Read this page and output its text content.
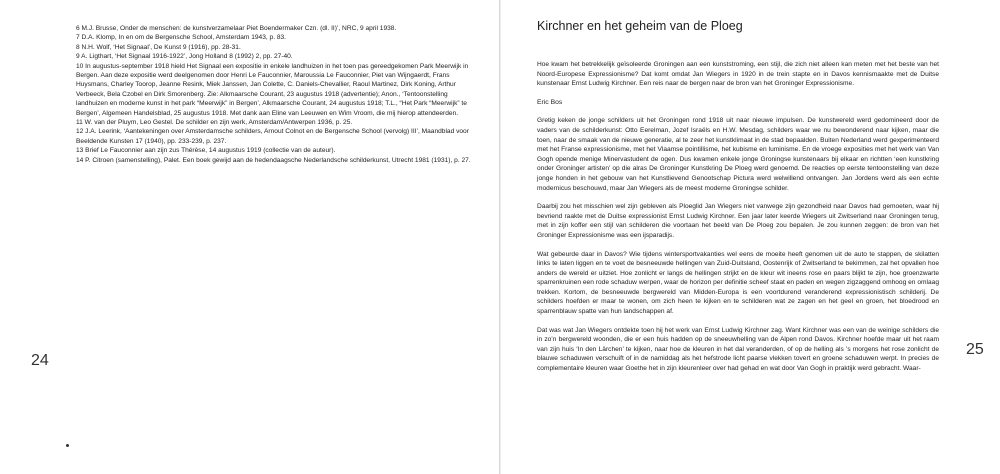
6 M.J. Brusse, Onder de menschen: de kunstverzamelaar Piet Boendermaker Czn. (dl. II)’, NRC, 9 april 1938.
7 D.A. Klomp, In en om de Bergensche School, Amsterdam 1943, p. 83.
8 N.H. Wolf, ‘Het Signaal’, De Kunst 9 (1916), pp. 28-31.
9 A. Ligthart, ‘Het Signaal 1916-1922’, Jong Holland 8 (1992) 2, pp. 27-40.
10 In augustus-september 1918 hield Het Signaal een expositie in enkele landhuizen in het toen pas gereedgekomen Park Meerwijk in Bergen. Aan deze expositie werd deelgenomen door Henri Le Fauconnier, Maroussia Le Fauconnier, Piet van Wijngaerdt, Frans Huysmans, Charley Toorop, Jeanne Resink, Miek Janssen, Jan Colette, C. Daniels-Chevallier, Raoul Martinez, Dirk Koning, Arthur Verbeeck, Bela Czobel en Dirk Smorenberg. Zie: Alkmaarsche Courant, 23 augustus 1918 (advertentie); Anon., ‘Tentoonstelling landhuizen en moderne kunst in het park “Meerwijk” in Bergen’, Alkmaarsche Courant, 24 augustus 1918; T.L., “Het Park “Meerwijk” te Bergen’, Algemeen Handelsblad, 25 augustus 1918. Met dank aan Eline van Leeuwen en Wim Vroom, die mij hierop attendeerden.
11 W. van der Pluym, Leo Gestel. De schilder en zijn werk, Amsterdam/Antwerpen 1936, p. 25.
12 J.A. Leerink, ‘Aantekeningen over Amsterdamsche schilders, Arnout Colnot en de Bergensche School (vervolg) III’, Maandblad voor Beeldende Kunsten 17 (1940), pp. 233-239, p. 237.
13 Brief Le Fauconnier aan zijn zus Thérèse, 14 augustus 1919 (collectie van de auteur).
14 P. Citroen (samenstelling), Palet. Een boek gewijd aan de hedendaagsche Nederlandsche schilderkunst, Utrecht 1981 (1931), p. 27.
24
Kirchner en het geheim van de Ploeg

Hoe kwam het betrekkelijk geïsoleerde Groningen aan een kunststroming, een stijl, die zich niet alleen kan meten met het beste van het Noord-Europese Expressionisme? Dat komt omdat Jan Wiegers in 1920 in de trein stapte en in Davos kennismaakte met de Duitse kunstenaar Ernst Ludwig Kirchner. Een reis naar de bergen naar de bron van het Groninger Expressionisme.

Eric Bos

Gretig keken de jonge schilders uit het Groningen rond 1918 uit naar nieuwe impulsen. De kunstwereld werd gedomineerd door de vaders van de schilderkunst: Otto Eerelman, Jozef Israëls en H.W. Mesdag, schilders waar we nu bewonderend naar kijken, maar die toen, naar de smaak van de nieuwe generatie, al te zeer het kunstklimaat in de stad bepaalden. Buiten Nederland werd gexperimenteerd met het Franse expressionisme, met het Vlaamse pointillisme, het kubisme en luminisme. En de vroege exposities met het werk van Van Gogh opende menige Minervastudent de ogen. Dus kwamen enkele jonge Groningse kunstenaars bij elkaar en richtten ‘een kunstkring onder Groninger artisten’ op die alras De Groninger Kunstkring De Ploeg werd genoemd. De reacties op eerste tentoonstelling van deze jonge honden in het gebouw van het Kunstlievend Genootschap Pictura werd welwillend ontvangen. Jan Jordens werd als een echte modernicus beschouwd, maar Jan Wiegers als de meest moderne Groningse schilder.

Daarbij zou het misschien wel zijn gebleven als Ploeglid Jan Wiegers niet vanwege zijn gezondheid naar Davos had gemoeten, waar hij bevriend raakte met de Duitse expressionist Ernst Ludwig Kirchner. Een jaar later keerde Wiegers uit Zwitserland naar Groningen terug, met in zijn koffer een stijl van schilderen die voortaan het beeld van De Ploeg zou bepalen. Je zou kunnen zeggen: de bron van het Groninger Expressionisme was een ijsparadijs.

Wat gebeurde daar in Davos? Wie tijdens wintersportvakanties wel eens de moeite heeft genomen uit de auto te stappen, de skilatten links te laten liggen en te voet de besneeuwde hellingen van Zuid-Duitsland, Oostenrijk of Zwitserland te bekimmen, zal het opvallen hoe anders de wereld er uitziet. Hoe zonlicht er langs de hellingen strijkt en de kleur wit ineens rose en paars blijkt te zijn, hoe groenzwarte sparrenkruinen een rode schaduw werpen, waar de horizon per definitie scheef staat en paden en wegen zigzaggend omhoog en omlaag trekken. Kortom, de besneeuwde bergwereld van Midden-Europa is een voortdurend veranderend expressionistisch schilderij. De schilders hoefden er maar te wonen, om zich heen te kijken en te schilderen wat ze zagen en het geel en groen, het bloedrood en sparrenblauw spatte van hun landschappen af.

Dat was wat Jan Wiegers ontdekte toen hij het werk van Ernst Ludwig Kirchner zag. Want Kirchner was een van de weinige schilders die in zo’n bergwereld woonden, die er een huis hadden op de sneeuwhelling van de Alpen rond Davos. Kirchner hoefde maar uit het raam van zijn huis ‘In den Lärchen’ te kijken, naar hoe de kleuren in het dal veranderden, of op de helling als ’s morgens het rose zonlicht de blauwe schaduwen verschuift of in de namiddag als het hefstrode licht paarse vlekken tovert en groene schaduwen werpt. In precies de complementaire kleuren waar Goethe het in zijn kleurenleer over had gehad en wat door Van Gogh in praktijk werd gebracht. Waar-

25
